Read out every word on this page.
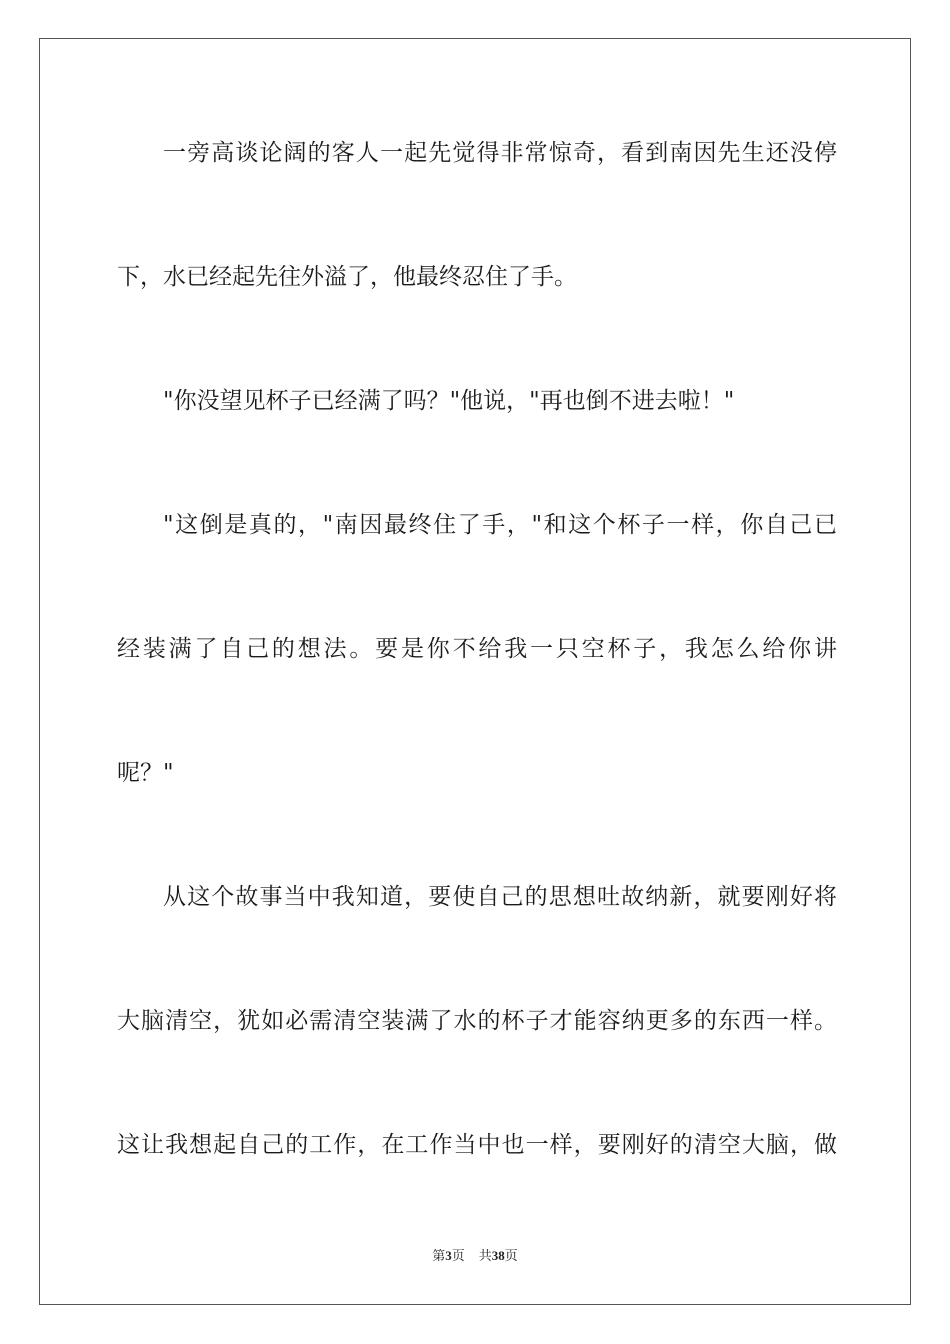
一旁高谈论阔的客人一起先觉得非常惊奇，看到南因先生还没停
下，水已经起先往外溢了，他最终忍住了手。
"你没望见杯子已经满了吗？"他说，"再也倒不进去啦！"
"这倒是真的，"南因最终住了手，"和这个杯子一样，你自己已
经装满了自己的想法。要是你不给我一只空杯子，我怎么给你讲
呢？"
从这个故事当中我知道，要使自己的思想吐故纳新，就要刚好将
大脑清空，犹如必需清空装满了水的杯子才能容纳更多的东西一样。
这让我想起自己的工作，在工作当中也一样，要刚好的清空大脑，做
第3页 共38页
